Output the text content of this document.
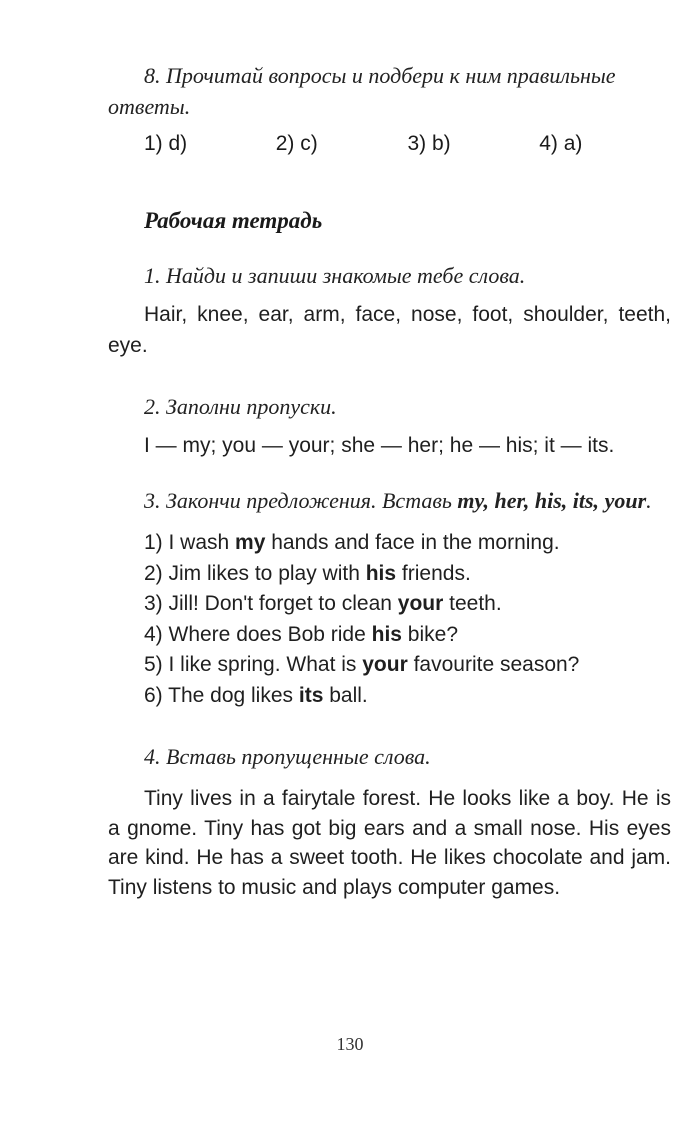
8. Прочитай вопросы и подбери к ним правильные ответы.
1) d)	2) c)	3) b)	4) a)
Рабочая тетрадь
1. Найди и запиши знакомые тебе слова.
Hair, knee, ear, arm, face, nose, foot, shoulder, teeth, eye.
2. Заполни пропуски.
I — my; you — your; she — her; he — his; it — its.
3. Закончи предложения. Вставь my, her, his, its, your.
1) I wash my hands and face in the morning.
2) Jim likes to play with his friends.
3) Jill! Don't forget to clean your teeth.
4) Where does Bob ride his bike?
5) I like spring. What is your favourite season?
6) The dog likes its ball.
4. Вставь пропущенные слова.
Tiny lives in a fairytale forest. He looks like a boy. He is a gnome. Tiny has got big ears and a small nose. His eyes are kind. He has a sweet tooth. He likes chocolate and jam. Tiny listens to music and plays computer games.
130
